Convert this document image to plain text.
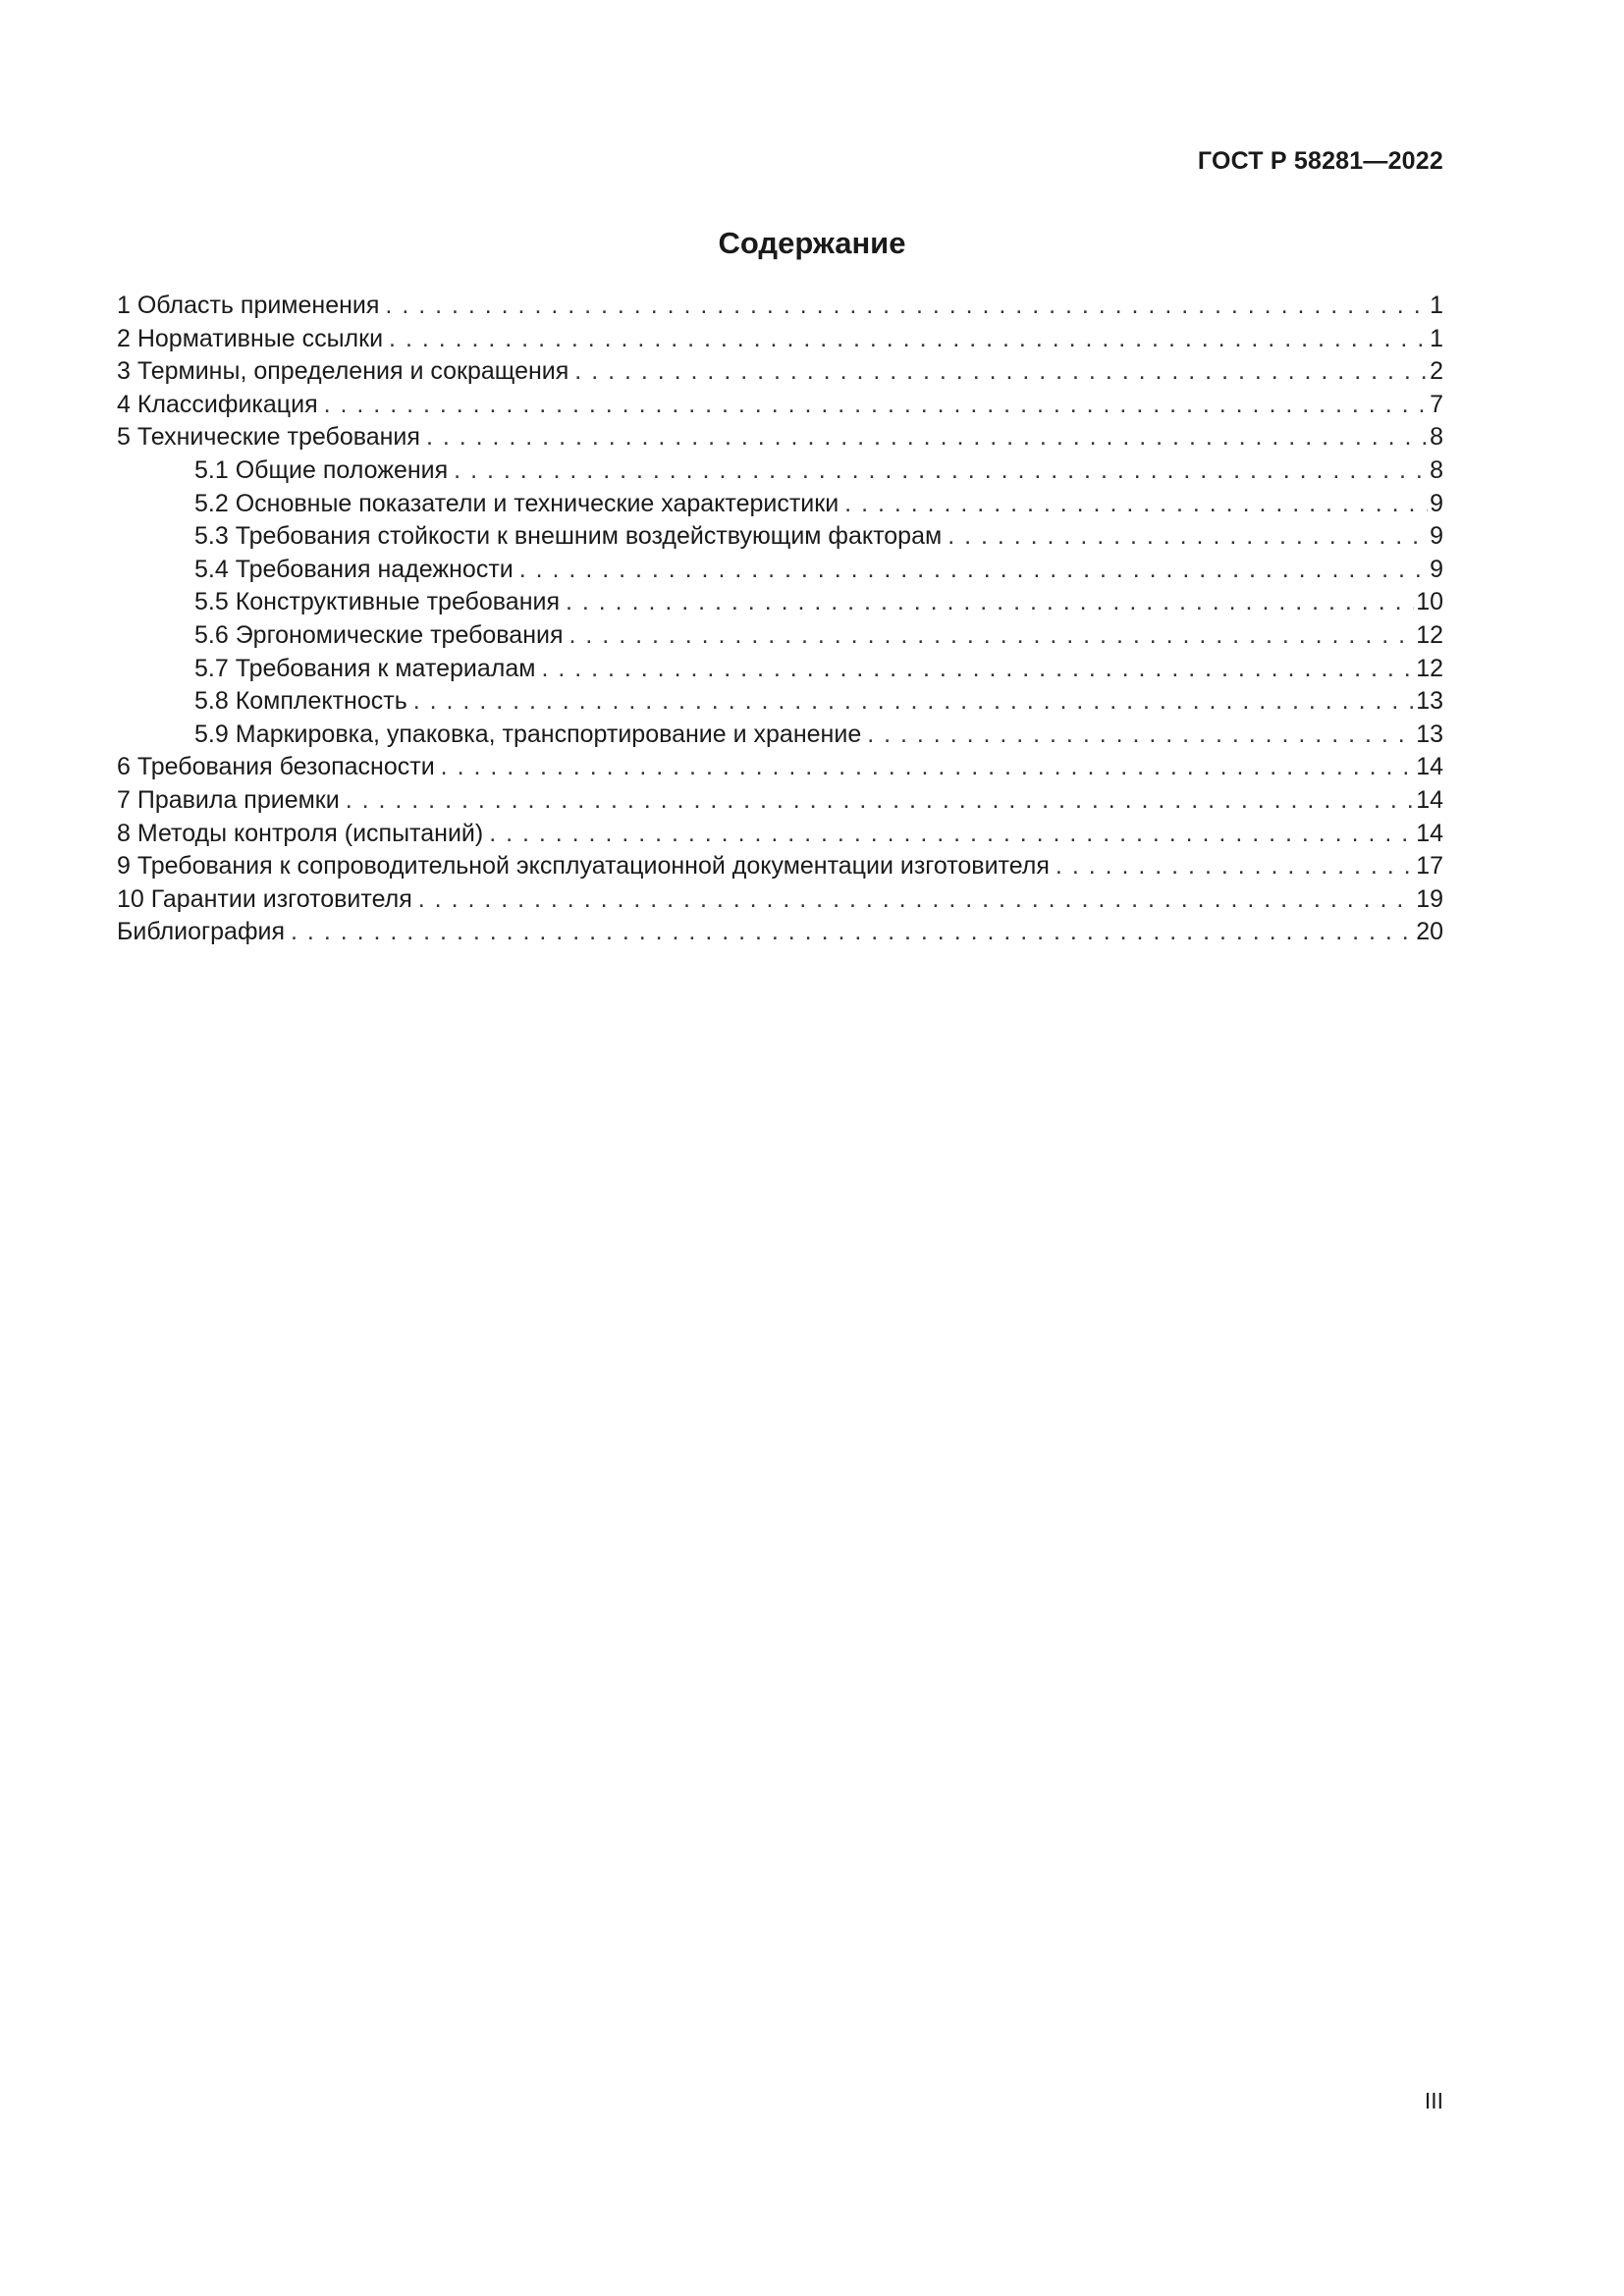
ГОСТ Р 58281—2022
Содержание
1 Область применения . . .	1
2 Нормативные ссылки . . .	1
3 Термины, определения и сокращения . . .	2
4 Классификация . . .	7
5 Технические требования . . .	8
5.1 Общие положения . . .	8
5.2 Основные показатели и технические характеристики . . .	9
5.3 Требования стойкости к внешним воздействующим факторам . . .	9
5.4 Требования надежности . . .	9
5.5 Конструктивные требования . . .	10
5.6 Эргономические требования . . .	12
5.7 Требования к материалам . . .	12
5.8 Комплектность . . .	13
5.9 Маркировка, упаковка, транспортирование и хранение . . .	13
6 Требования безопасности . . .	14
7 Правила приемки . . .	14
8 Методы контроля (испытаний) . . .	14
9 Требования к сопроводительной эксплуатационной документации изготовителя . . .	17
10 Гарантии изготовителя . . .	19
Библиография . . .	20
III
